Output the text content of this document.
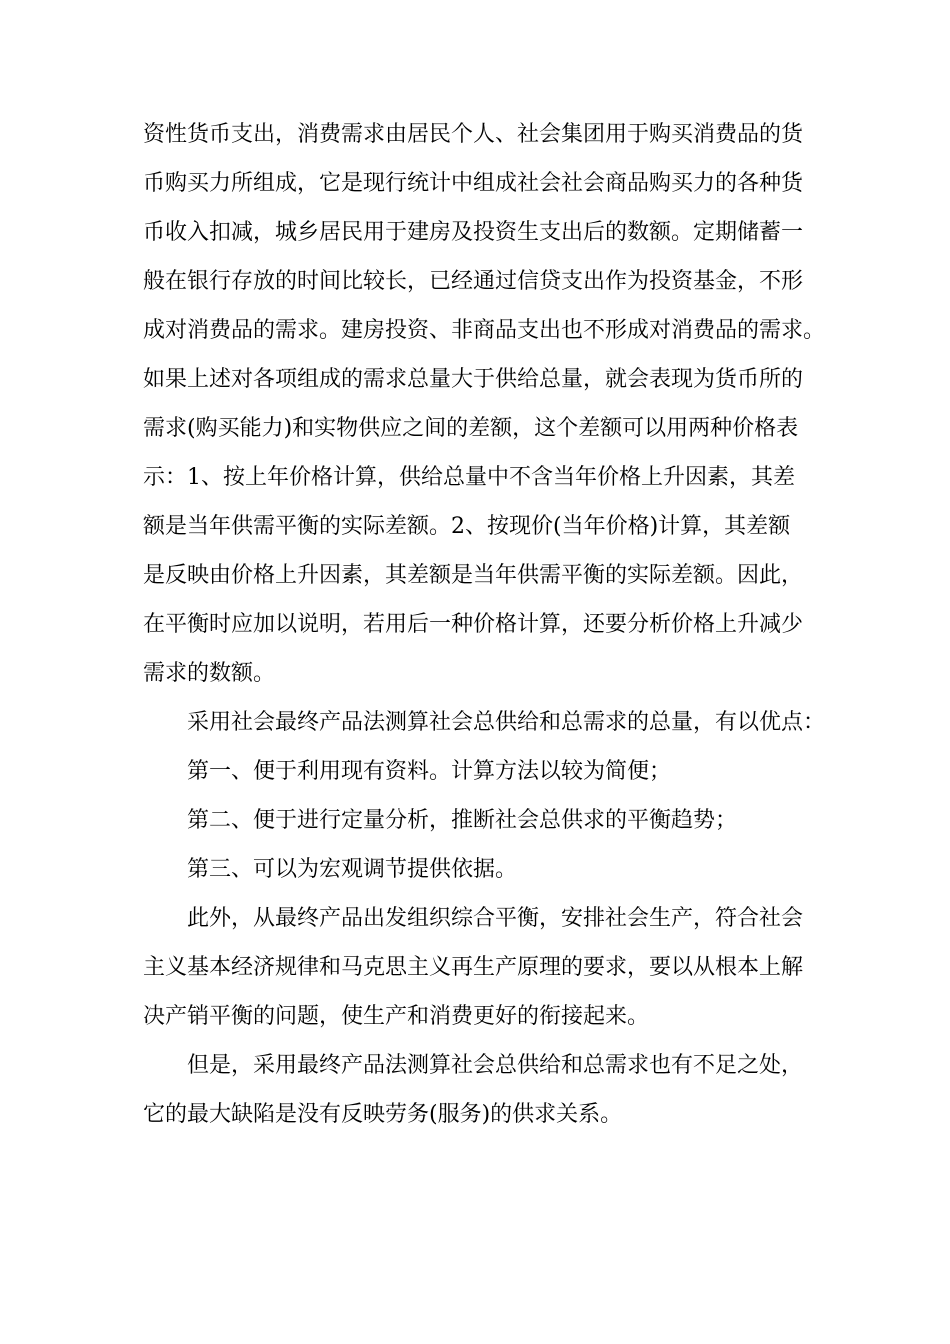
资性货币支出，消费需求由居民个人、社会集团用于购买消费品的货
币购买力所组成，它是现行统计中组成社会社会商品购买力的各种货
币收入扣减，城乡居民用于建房及投资生支出后的数额。定期储蓄一
般在银行存放的时间比较长，已经通过信贷支出作为投资基金，不形
成对消费品的需求。建房投资、非商品支出也不形成对消费品的需求。
如果上述对各项组成的需求总量大于供给总量，就会表现为货币所的
需求(购买能力)和实物供应之间的差额，这个差额可以用两种价格表
示：1、按上年价格计算，供给总量中不含当年价格上升因素，其差
额是当年供需平衡的实际差额。2、按现价(当年价格)计算，其差额
是反映由价格上升因素，其差额是当年供需平衡的实际差额。因此，
在平衡时应加以说明，若用后一种价格计算，还要分析价格上升减少
需求的数额。

采用社会最终产品法测算社会总供给和总需求的总量，有以优点：

第一、便于利用现有资料。计算方法以较为简便；

第二、便于进行定量分析，推断社会总供求的平衡趋势；

第三、可以为宏观调节提供依据。

此外，从最终产品出发组织综合平衡，安排社会生产，符合社会
主义基本经济规律和马克思主义再生产原理的要求，要以从根本上解
决产销平衡的问题，使生产和消费更好的衔接起来。

但是，采用最终产品法测算社会总供给和总需求也有不足之处，
它的最大缺陷是没有反映劳务(服务)的供求关系。
